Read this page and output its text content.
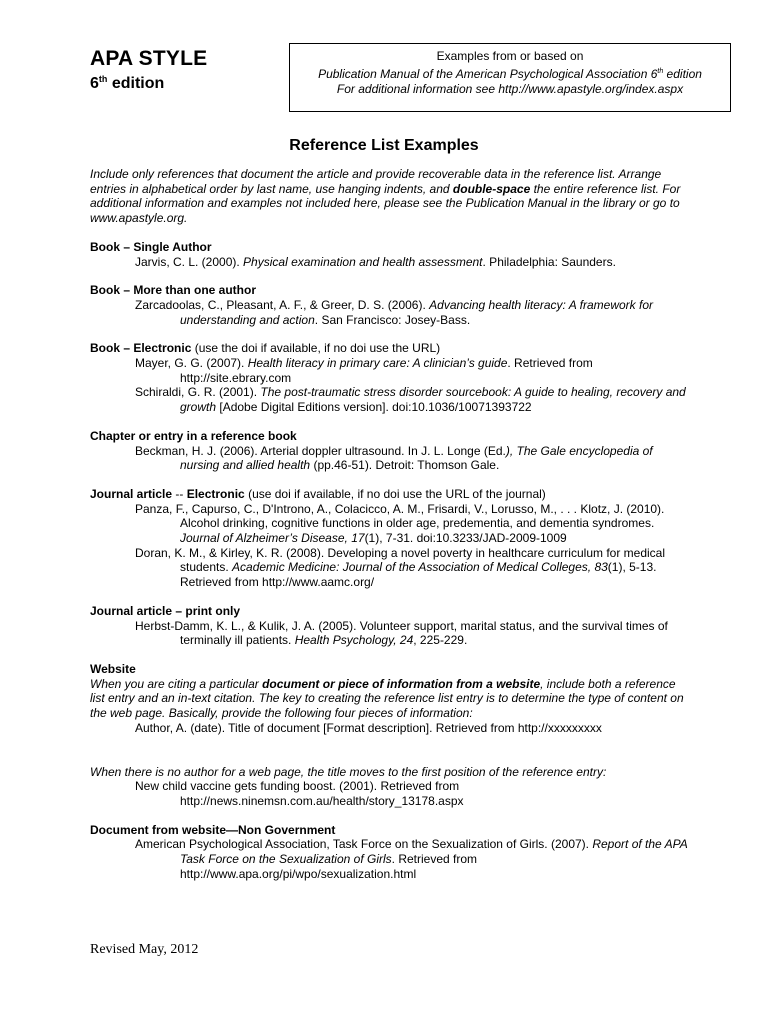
APA STYLE
6th edition
Examples from or based on
Publication Manual of the American Psychological Association 6th edition
For additional information see http://www.apastyle.org/index.aspx
Reference List Examples

Include only references that document the article and provide recoverable data in the reference list. Arrange entries in alphabetical order by last name, use hanging indents, and double-space the entire reference list. For additional information and examples not included here, please see the Publication Manual in the library or go to www.apastyle.org.

Book – Single Author
Jarvis, C. L. (2000). Physical examination and health assessment. Philadelphia: Saunders.
Book – More than one author
Zarcadoolas, C., Pleasant, A. F., & Greer, D. S. (2006). Advancing health literacy: A framework for understanding and action. San Francisco: Josey-Bass.
Book – Electronic (use the doi if available, if no doi use the URL)
Mayer, G. G. (2007). Health literacy in primary care: A clinician’s guide. Retrieved from http://site.ebrary.com
Schiraldi, G. R. (2001). The post-traumatic stress disorder sourcebook: A guide to healing, recovery and growth [Adobe Digital Editions version]. doi:10.1036/10071393722
Chapter or entry in a reference book
Beckman, H. J. (2006). Arterial doppler ultrasound. In J. L. Longe (Ed.), The Gale encyclopedia of nursing and allied health (pp.46-51). Detroit: Thomson Gale.
Journal article -- Electronic (use doi if available, if no doi use the URL of the journal)
Panza, F., Capurso, C., D'Introno, A., Colacicco, A. M., Frisardi, V., Lorusso, M., . . . Klotz, J. (2010). Alcohol drinking, cognitive functions in older age, predementia, and dementia syndromes. Journal of Alzheimer’s Disease, 17(1), 7-31. doi:10.3233/JAD-2009-1009
Doran, K. M., & Kirley, K. R. (2008). Developing a novel poverty in healthcare curriculum for medical students. Academic Medicine: Journal of the Association of Medical Colleges, 83(1), 5-13. Retrieved from http://www.aamc.org/
Journal article – print only
Herbst-Damm, K. L., & Kulik, J. A. (2005). Volunteer support, marital status, and the survival times of terminally ill patients. Health Psychology, 24, 225-229.
Website
When you are citing a particular document or piece of information from a website, include both a reference list entry and an in-text citation. The key to creating the reference list entry is to determine the type of content on the web page. Basically, provide the following four pieces of information:
Author, A. (date). Title of document [Format description]. Retrieved from http://xxxxxxxxx
When there is no author for a web page, the title moves to the first position of the reference entry:
New child vaccine gets funding boost. (2001). Retrieved from http://news.ninemsn.com.au/health/story_13178.aspx
Document from website—Non Government
American Psychological Association, Task Force on the Sexualization of Girls. (2007). Report of the APA Task Force on the Sexualization of Girls. Retrieved from http://www.apa.org/pi/wpo/sexualization.html
Revised May, 2012
